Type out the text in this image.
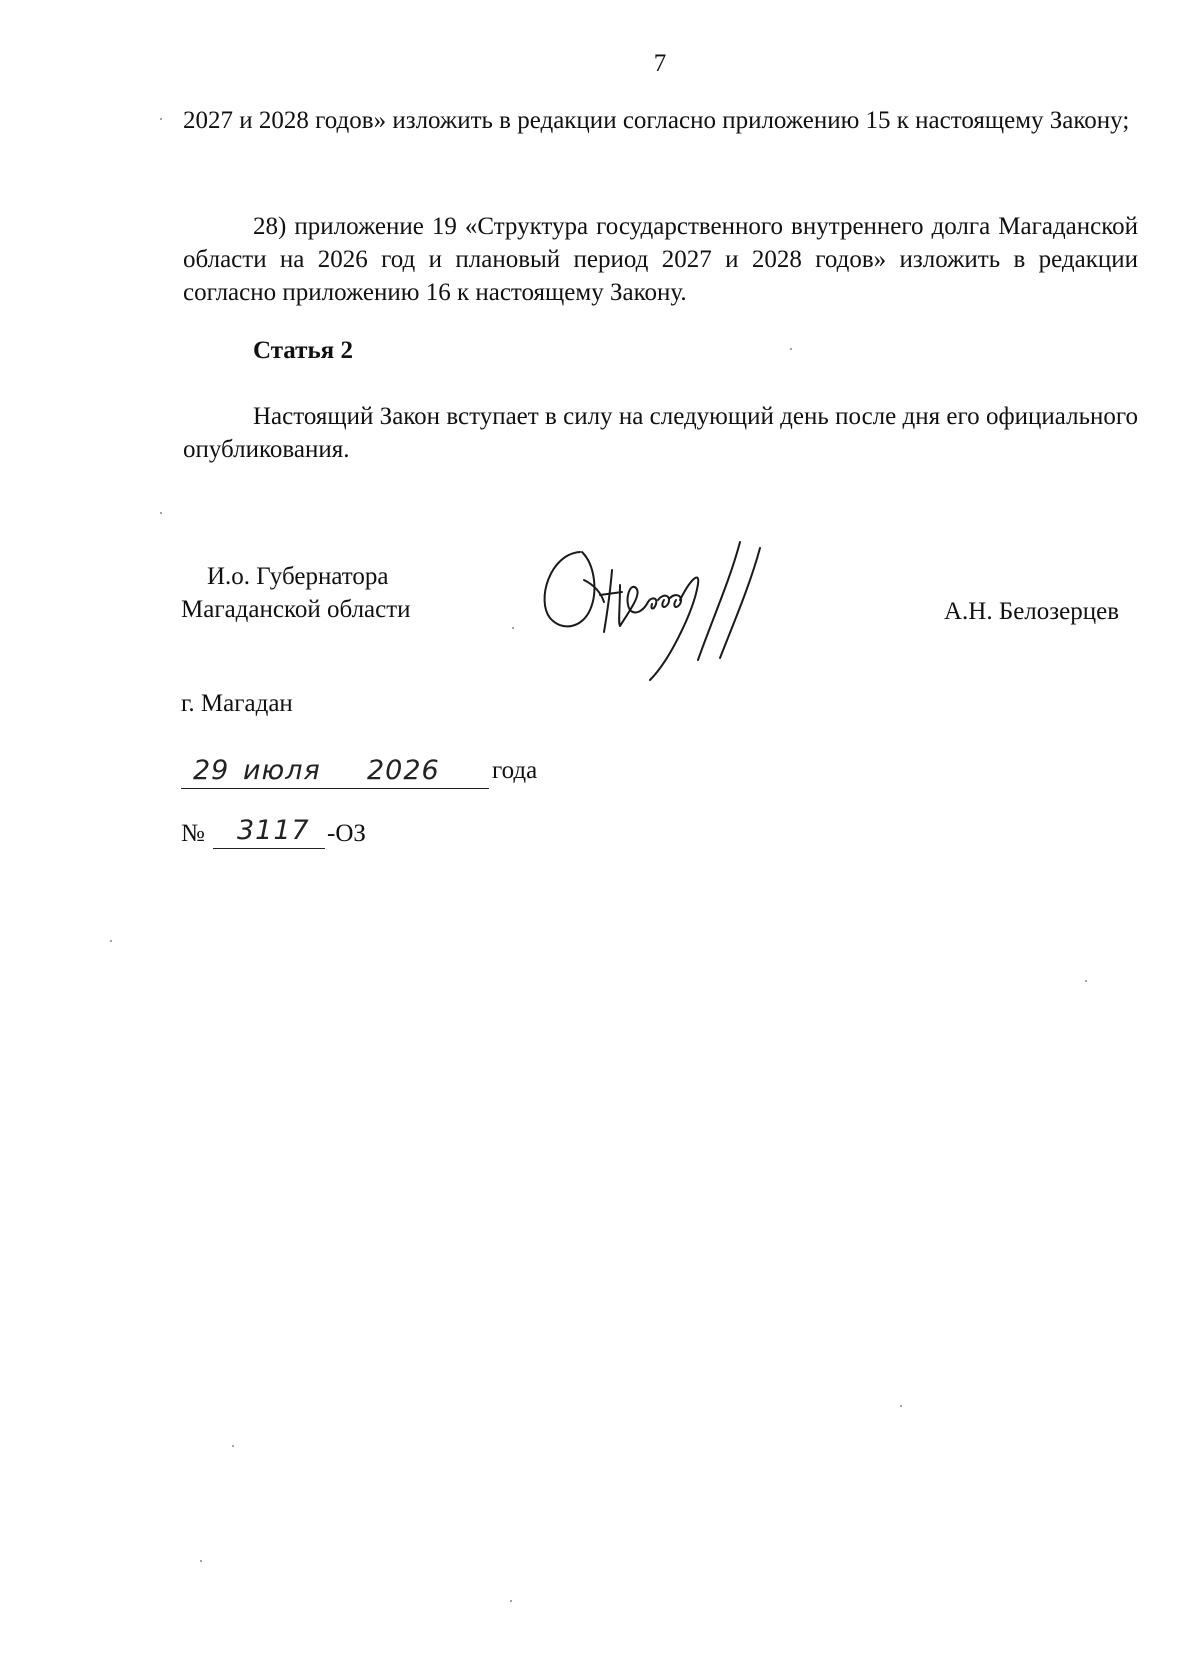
7
2027 и 2028 годов» изложить в редакции согласно приложению 15 к настоящему Закону;
28) приложение 19 «Структура государственного внутреннего долга Магаданской области на 2026 год и плановый период 2027 и 2028 годов» изложить в редакции согласно приложению 16 к настоящему Закону.
Статья 2
Настоящий Закон вступает в силу на следующий день после дня его официального опубликования.
И.о. Губернатора
Магаданской области	А.Н. Белозерцев
г. Магадан
29 июля 2026 года
№ 3117 -ОЗ
